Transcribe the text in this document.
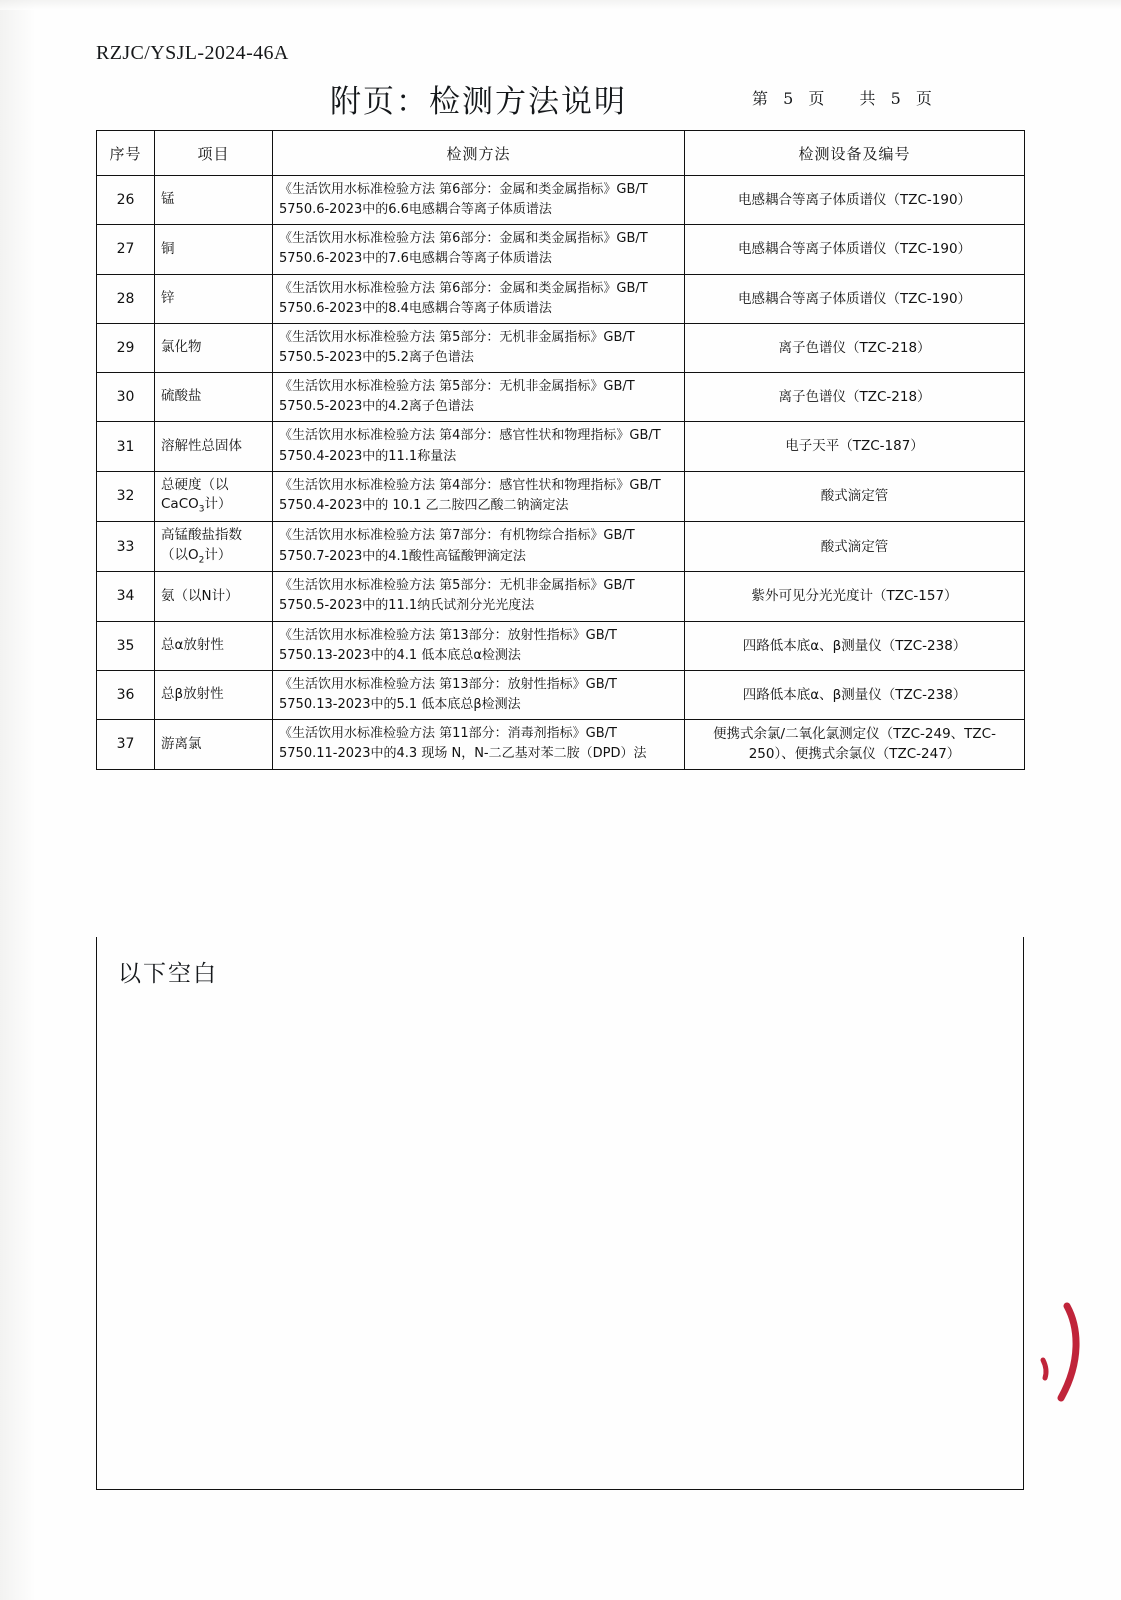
RZJC/YSJL-2024-46A
附页：检测方法说明	第 5 页 共 5 页
序号	项目	检测方法	检测设备及编号
26	锰	《生活饮用水标准检验方法 第6部分：金属和类金属指标》GB/T 5750.6-2023中的6.6电感耦合等离子体质谱法	电感耦合等离子体质谱仪（TZC-190）
27	铜	《生活饮用水标准检验方法 第6部分：金属和类金属指标》GB/T 5750.6-2023中的7.6电感耦合等离子体质谱法	电感耦合等离子体质谱仪（TZC-190）
28	锌	《生活饮用水标准检验方法 第6部分：金属和类金属指标》GB/T 5750.6-2023中的8.4电感耦合等离子体质谱法	电感耦合等离子体质谱仪（TZC-190）
29	氯化物	《生活饮用水标准检验方法 第5部分：无机非金属指标》GB/T 5750.5-2023中的5.2离子色谱法	离子色谱仪（TZC-218）
30	硫酸盐	《生活饮用水标准检验方法 第5部分：无机非金属指标》GB/T 5750.5-2023中的4.2离子色谱法	离子色谱仪（TZC-218）
31	溶解性总固体	《生活饮用水标准检验方法 第4部分：感官性状和物理指标》GB/T 5750.4-2023中的11.1称量法	电子天平（TZC-187）
32	总硬度（以CaCO$_3$计）	《生活饮用水标准检验方法 第4部分：感官性状和物理指标》GB/T 5750.4-2023中的 10.1 乙二胺四乙酸二钠滴定法	酸式滴定管
33	高锰酸盐指数（以$O_2$计）	《生活饮用水标准检验方法 第7部分：有机物综合指标》GB/T 5750.7-2023中的4.1酸性高锰酸钾滴定法	酸式滴定管
34	氨（以N计）	《生活饮用水标准检验方法 第5部分：无机非金属指标》GB/T 5750.5-2023中的11.1纳氏试剂分光光度法	紫外可见分光光度计（TZC-157）
35	总α放射性	《生活饮用水标准检验方法 第13部分：放射性指标》GB/T 5750.13-2023中的4.1 低本底总α检测法	四路低本底α、β测量仪（TZC-238）
36	总β放射性	《生活饮用水标准检验方法 第13部分：放射性指标》GB/T 5750.13-2023中的5.1 低本底总β检测法	四路低本底α、β测量仪（TZC-238）
37	游离氯	《生活饮用水标准检验方法 第11部分：消毒剂指标》GB/T 5750.11-2023中的4.3 现场 N，N-二乙基对苯二胺（DPD）法	便携式余氯/二氧化氯测定仪（TZC-249、TZC-250）、便携式余氯仪（TZC-247）
以下空白
